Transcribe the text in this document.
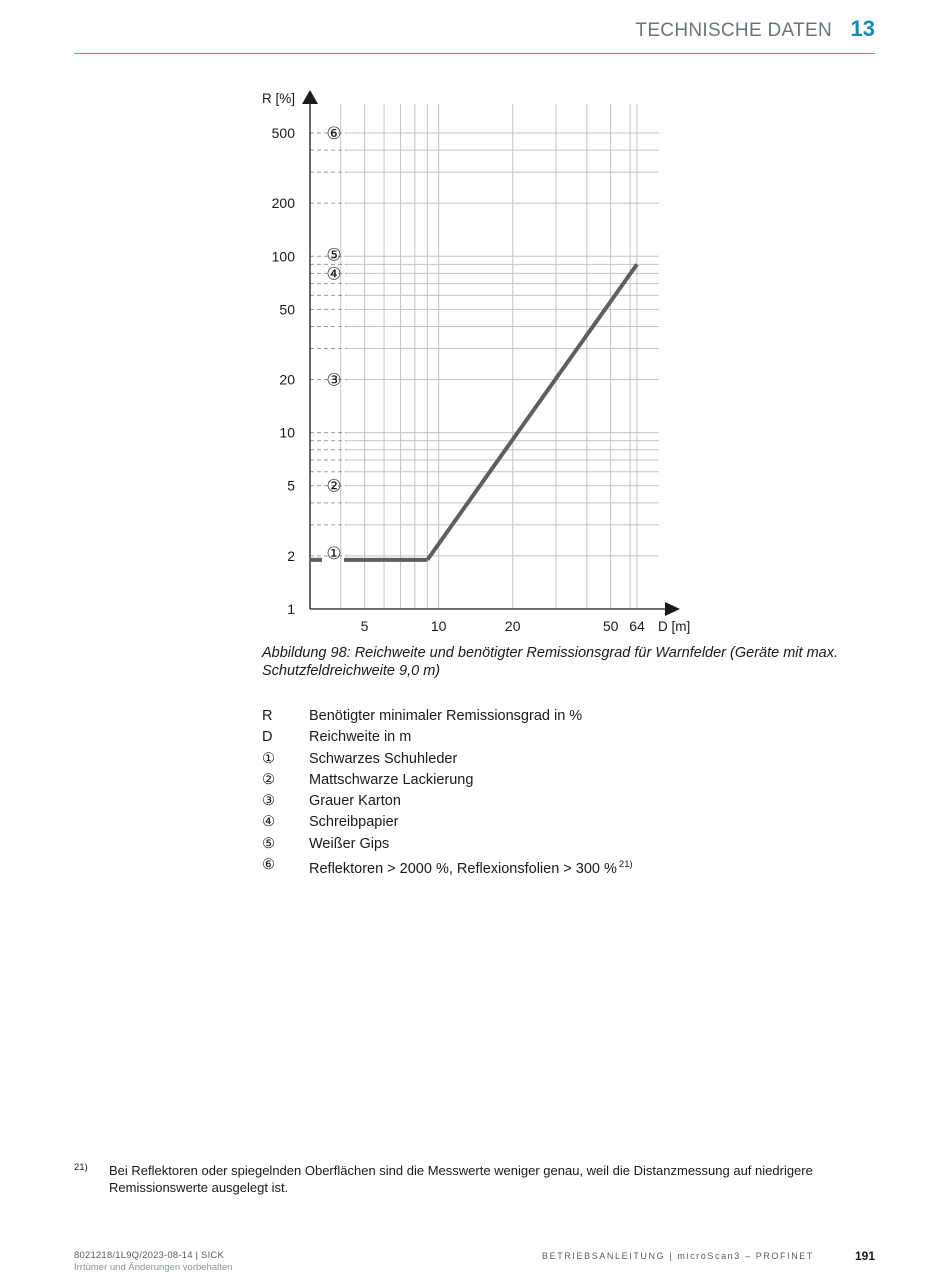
TECHNISCHE DATEN 13
1
2
5
10
20
50
100
200
500
5	10	20	50 64
R [%]
D [m]
①
②
③
④
⑤
⑥
Abbildung 98: Reichweite und benötigter Remissionsgrad für Warnfelder (Geräte mit max. Schutzfeldreichweite 9,0 m)
R	Benötigter minimaler Remissionsgrad in %
D	Reichweite in m
①	Schwarzes Schuhleder
②	Mattschwarze Lackierung
③	Grauer Karton
④	Schreibpapier
⑤	Weißer Gips
⑥	Reflektoren > 2000 %, Reflexionsfolien > 300 % $^{21)}$
21) Bei Reflektoren oder spiegelnden Oberflächen sind die Messwerte weniger genau, weil die Distanzmessung auf niedrigere Remissionswerte ausgelegt ist.
8021218/1L9Q/2023-08-14 | SICK
Irrtümer und Änderungen vorbehalten
BETRIEBSANLEITUNG | microScan3 – PROFINET	191
